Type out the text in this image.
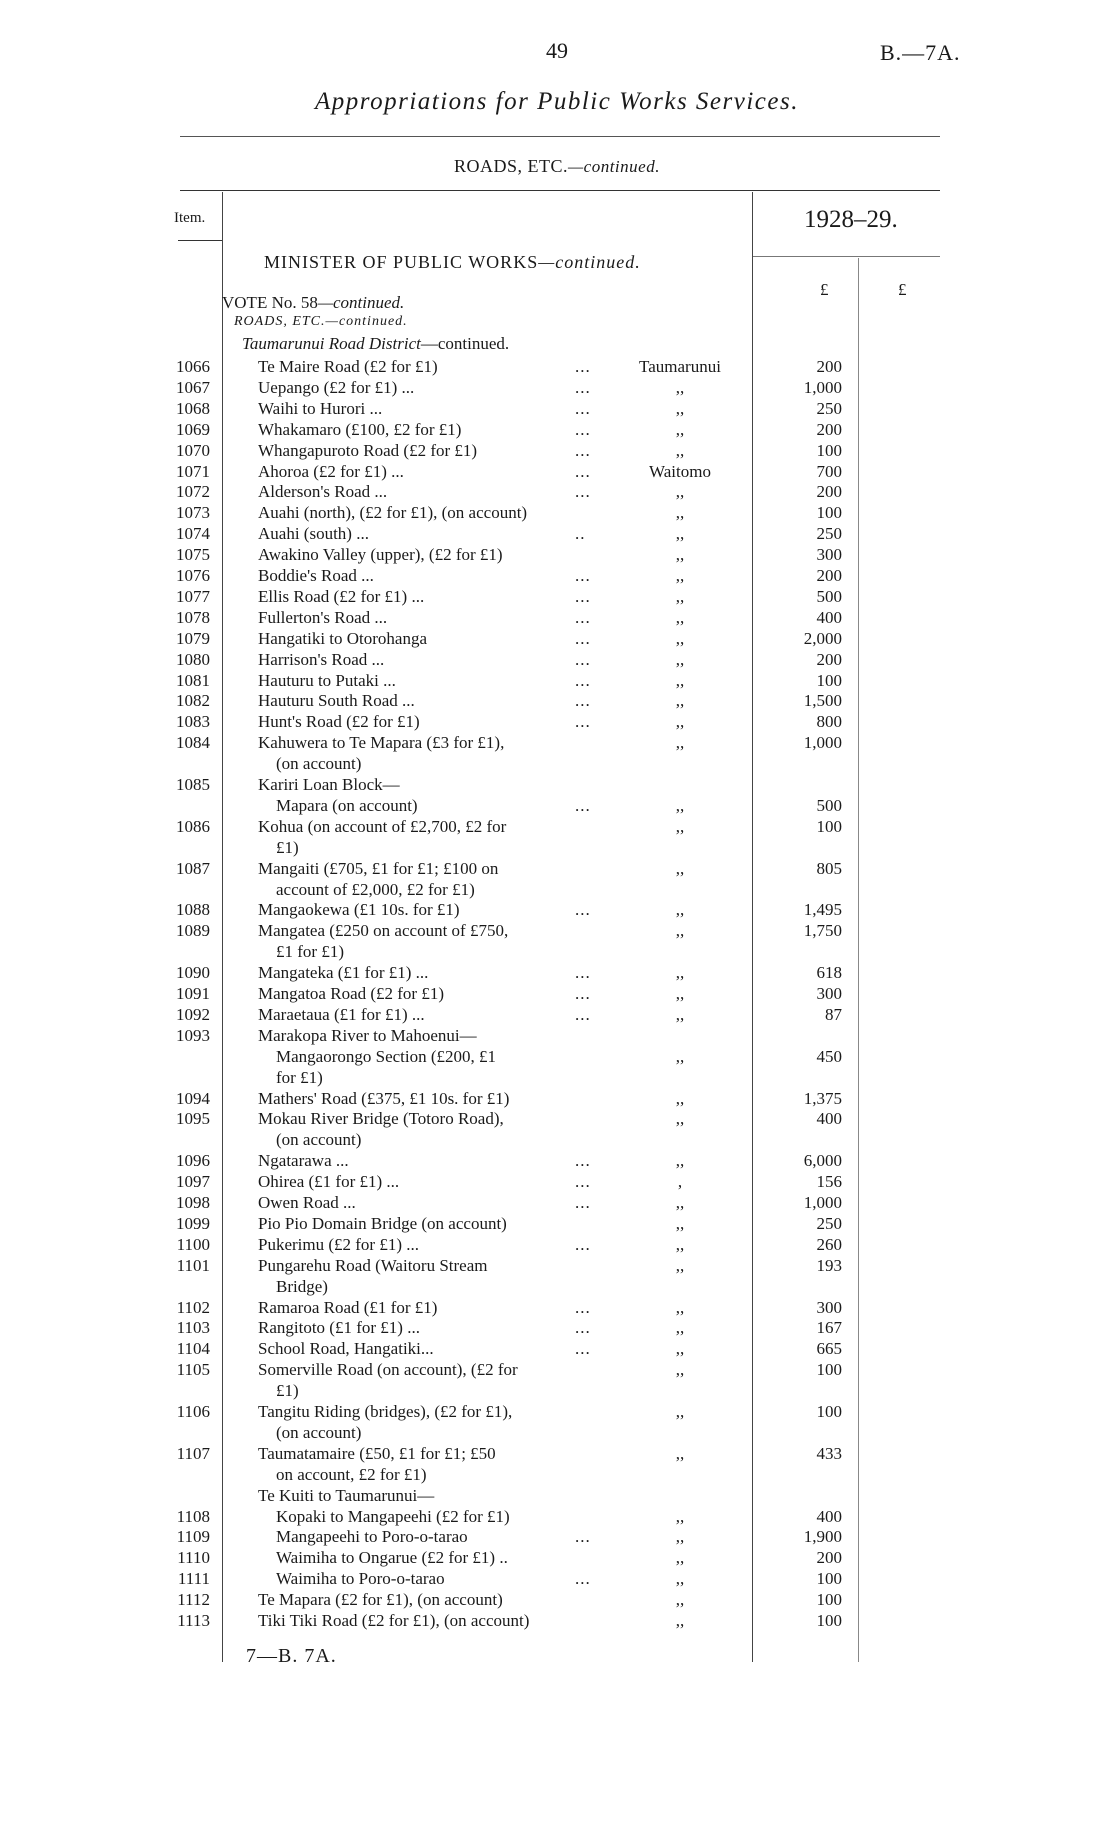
49	B.—7A.
Appropriations for Public Works Services.
ROADS, ETC.—continued.
Item.	1928–29.
£	£
MINISTER OF PUBLIC WORKS—continued.
VOTE No. 58—continued.
ROADS, ETC.—continued.
Taumarunui Road District—continued.
1066	Te Maire Road (£2 for £1)	...	Taumarunui	200
1067	Uepango (£2 for £1) ...	...	,,	1,000
1068	Waihi to Hurori ...	...	,,	250
1069	Whakamaro (£100, £2 for £1)	...	,,	200
1070	Whangapuroto Road (£2 for £1)	...	,,	100
1071	Ahoroa (£2 for £1) ...	...	Waitomo	700
1072	Alderson's Road ...	...	,,	200
1073	Auahi (north), (£2 for £1), (on account)	,,	100
1074	Auahi (south) ...	..	,,	250
1075	Awakino Valley (upper), (£2 for £1)	,,	300
1076	Boddie's Road ...	...	,,	200
1077	Ellis Road (£2 for £1) ...	...	,,	500
1078	Fullerton's Road ...	...	,,	400
1079	Hangatiki to Otorohanga	...	,,	2,000
1080	Harrison's Road ...	...	,,	200
1081	Hauturu to Putaki ...	...	,,	100
1082	Hauturu South Road ...	...	,,	1,500
1083	Hunt's Road (£2 for £1)	...	,,	800
1084	Kahuwera to Te Mapara (£3 for £1),	,,	1,000
(on account)
1085	Kariri Loan Block—
Mapara (on account)	...	,,	500
1086	Kohua (on account of £2,700, £2 for	,,	100
£1)
1087	Mangaiti (£705, £1 for £1; £100 on	,,	805
account of £2,000, £2 for £1)
1088	Mangaokewa (£1 10s. for £1)	...	,,	1,495
1089	Mangatea (£250 on account of £750,	,,	1,750
£1 for £1)
1090	Mangateka (£1 for £1) ...	...	,,	618
1091	Mangatoa Road (£2 for £1)	...	,,	300
1092	Maraetaua (£1 for £1) ...	...	,,	87
1093	Marakopa River to Mahoenui—
Mangaorongo Section (£200, £1	,,	450
for £1)
1094	Mathers' Road (£375, £1 10s. for £1)	,,	1,375
1095	Mokau River Bridge (Totoro Road),	,,	400
(on account)
1096	Ngatarawa ...	...	,,	6,000
1097	Ohirea (£1 for £1) ...	...	,	156
1098	Owen Road ...	...	,,	1,000
1099	Pio Pio Domain Bridge (on account)	,,	250
1100	Pukerimu (£2 for £1) ...	...	,,	260
1101	Pungarehu Road (Waitoru Stream	,,	193
Bridge)
1102	Ramaroa Road (£1 for £1)	...	,,	300
1103	Rangitoto (£1 for £1) ...	...	,,	167
1104	School Road, Hangatiki...	...	,,	665
1105	Somerville Road (on account), (£2 for	,,	100
£1)
1106	Tangitu Riding (bridges), (£2 for £1),	,,	100
(on account)
1107	Taumatamaire (£50, £1 for £1; £50	,,	433
on account, £2 for £1)
Te Kuiti to Taumarunui—
1108	Kopaki to Mangapeehi (£2 for £1)	,,	400
1109	Mangapeehi to Poro-o-tarao	...	,,	1,900
1110	Waimiha to Ongarue (£2 for £1) ..	,,	200
1111	Waimiha to Poro-o-tarao	...	,,	100
1112	Te Mapara (£2 for £1), (on account)	,,	100
1113	Tiki Tiki Road (£2 for £1), (on account)	,,	100
7—B. 7A.
